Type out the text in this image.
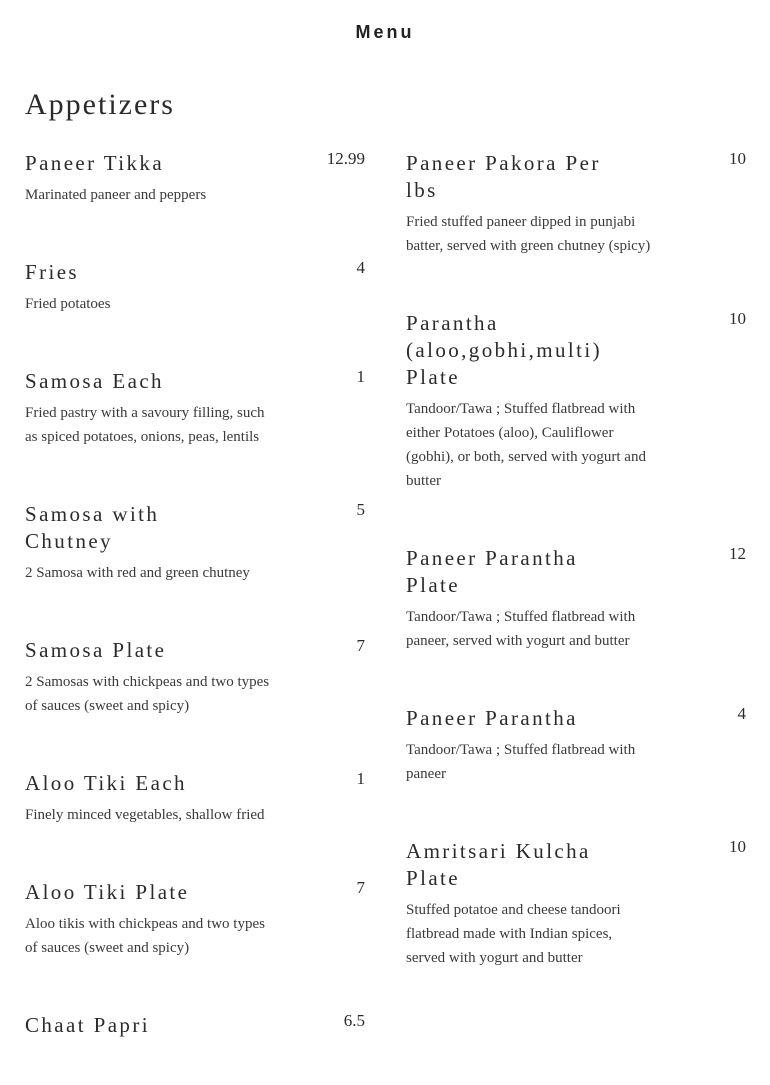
Menu
Appetizers
Paneer Tikka	12.99
Marinated paneer and peppers
Fries	4
Fried potatoes
Samosa Each	1
Fried pastry with a savoury filling, such as spiced potatoes, onions, peas, lentils
Samosa with Chutney
5
2 Samosa with red and green chutney
Samosa Plate	7
2 Samosas with chickpeas and two types of sauces (sweet and spicy)
Aloo Tiki Each	1
Finely minced vegetables, shallow fried
Aloo Tiki Plate	7
Aloo tikis with chickpeas and two types of sauces (sweet and spicy)
Chaat Papri	6.5
Paneer Pakora Per lbs
10
Fried stuffed paneer dipped in punjabi batter, served with green chutney (spicy)
Parantha (aloo,gobhi,multi) Plate
10
Tandoor/Tawa ; Stuffed flatbread with either Potatoes (aloo), Cauliflower (gobhi), or both, served with yogurt and butter
Paneer Parantha Plate
12
Tandoor/Tawa ; Stuffed flatbread with paneer, served with yogurt and butter
Paneer Parantha	4
Tandoor/Tawa ; Stuffed flatbread with paneer
Amritsari Kulcha Plate
10
Stuffed potatoe and cheese tandoori flatbread made with Indian spices, served with yogurt and butter
